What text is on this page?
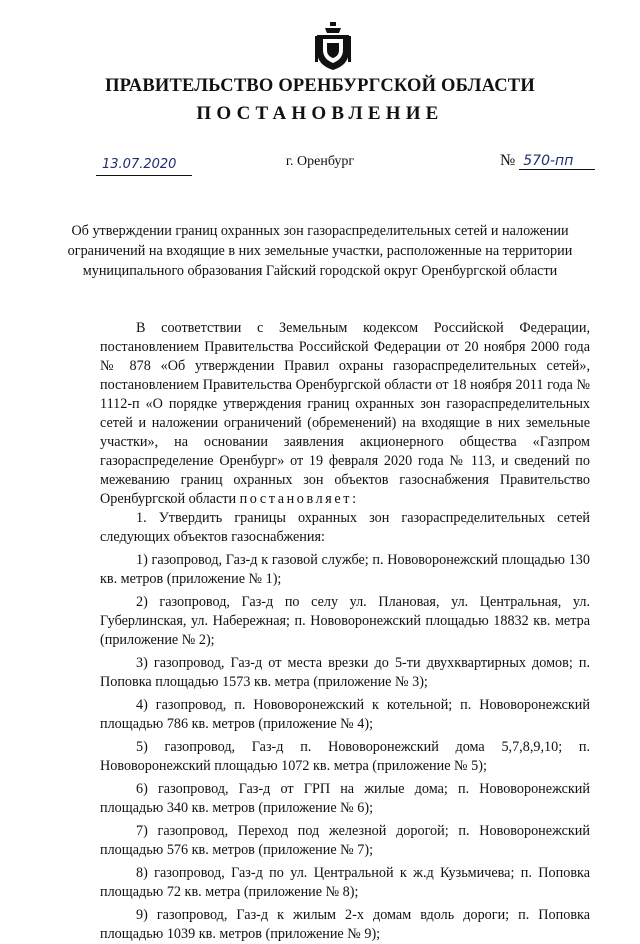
ПРАВИТЕЛЬСТВО ОРЕНБУРГСКОЙ ОБЛАСТИ
ПОСТАНОВЛЕНИЕ
13.07.2020	г. Оренбург	№ 570-пп
Об утверждении границ охранных зон газораспределительных сетей и наложении ограничений на входящие в них земельные участки, расположенные на территории муниципального образования Гайский городской округ Оренбургской области

В соответствии с Земельным кодексом Российской Федерации, постановлением Правительства Российской Федерации от 20 ноября 2000 года № 878 «Об утверждении Правил охраны газораспределительных сетей», постановлением Правительства Оренбургской области от 18 ноября 2011 года № 1112-п «О порядке утверждения границ охранных зон газораспределительных сетей и наложении ограничений (обременений) на входящие в них земельные участки», на основании заявления акционерного общества «Газпром газораспределение Оренбург» от 19 февраля 2020 года № 113, и сведений по межеванию границ охранных зон объектов газоснабжения Правительство Оренбургской области постановляет:

1. Утвердить границы охранных зон газораспределительных сетей следующих объектов газоснабжения:

1) газопровод, Газ-д к газовой службе; п. Нововоронежский площадью 130 кв. метров (приложение № 1);

2) газопровод, Газ-д по селу ул. Плановая, ул. Центральная, ул. Губерлинская, ул. Набережная; п. Нововоронежский площадью 18832 кв. метра (приложение № 2);

3) газопровод, Газ-д от места врезки до 5-ти двухквартирных домов; п. Поповка площадью 1573 кв. метра (приложение № 3);

4) газопровод, п. Нововоронежский к котельной; п. Нововоронежский площадью 786 кв. метров (приложение № 4);

5) газопровод, Газ-д п. Нововоронежский дома 5,7,8,9,10; п. Нововоронежский площадью 1072 кв. метра (приложение № 5);

6) газопровод, Газ-д от ГРП на жилые дома; п. Нововоронежский площадью 340 кв. метров (приложение № 6);

7) газопровод, Переход под железной дорогой; п. Нововоронежский площадью 576 кв. метров (приложение № 7);

8) газопровод, Газ-д по ул. Центральной к ж.д Кузьмичева; п. Поповка площадью 72 кв. метра (приложение № 8);

9) газопровод, Газ-д к жилым 2-х домам вдоль дороги; п. Поповка площадью 1039 кв. метров (приложение № 9);
